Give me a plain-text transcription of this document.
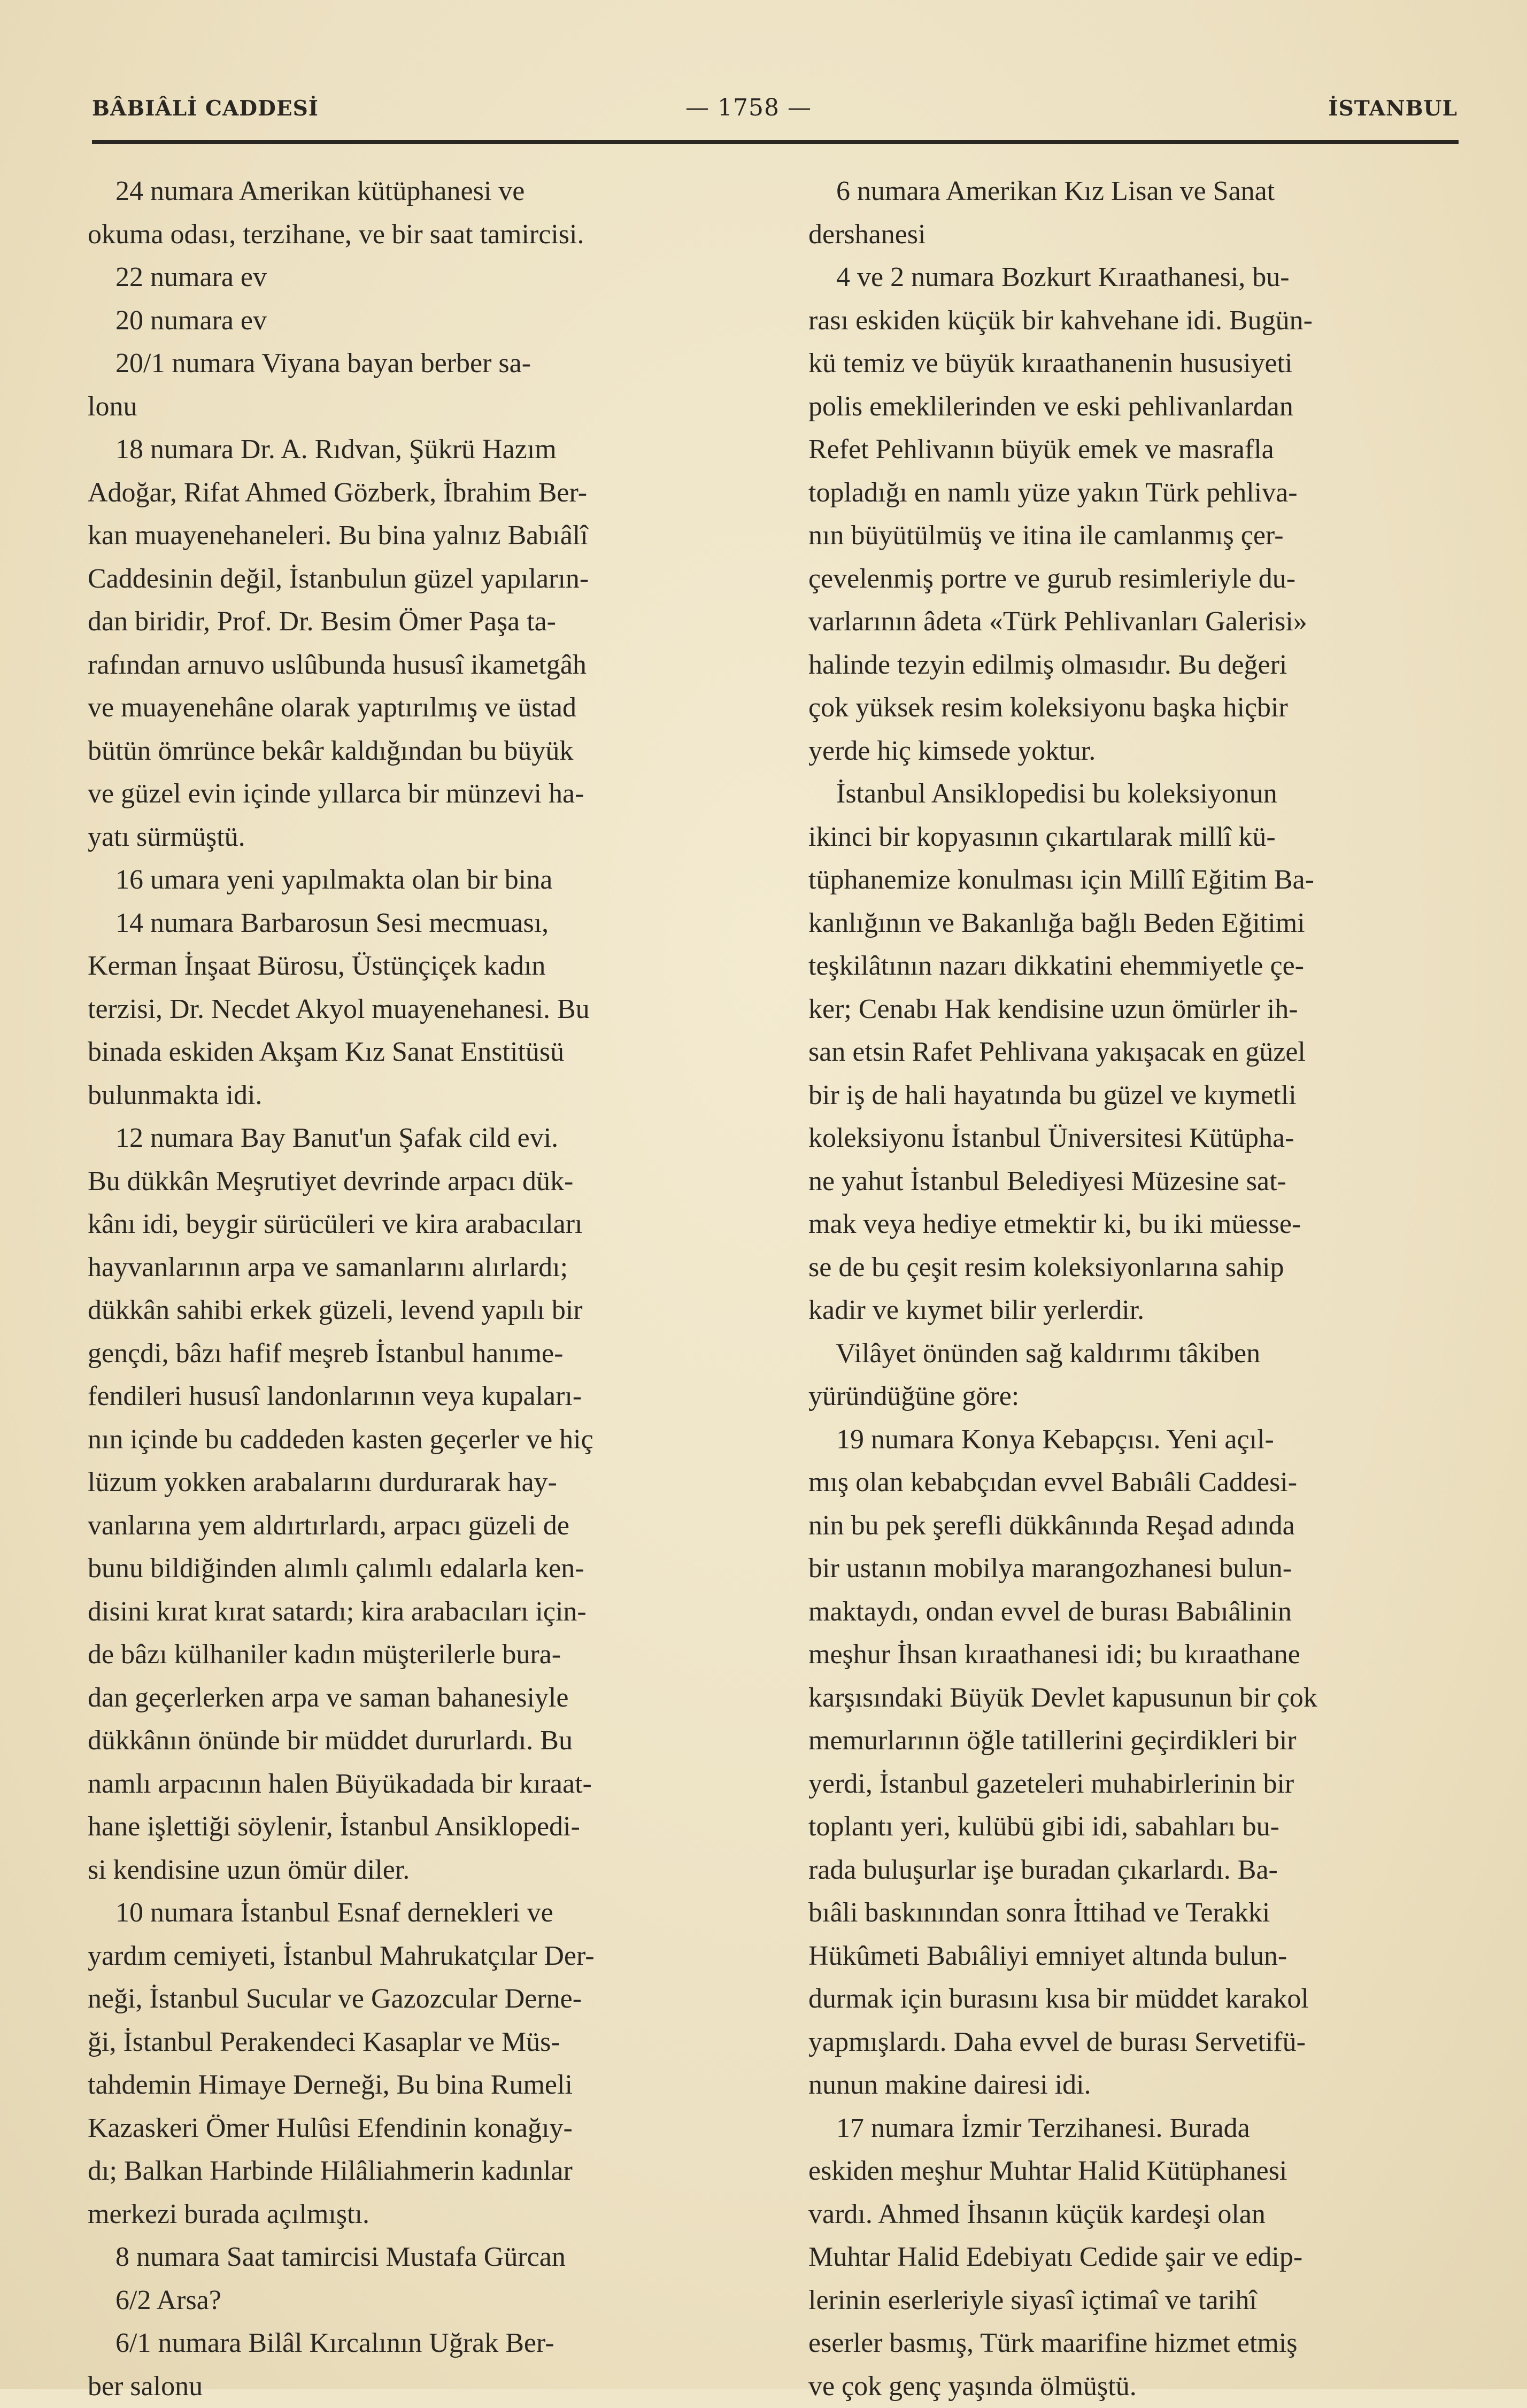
BÂBIÂLİ CADDESİ	— 1758 —	İSTANBUL
24 numara Amerikan kütüphanesi ve
okuma odası, terzihane, ve bir saat tamircisi.
22 numara ev
20 numara ev
20/1 numara Viyana bayan berber sa-
lonu
18 numara Dr. A. Rıdvan, Şükrü Hazım
Adoğar, Rifat Ahmed Gözberk, İbrahim Ber-
kan muayenehaneleri. Bu bina yalnız Babıâlî
Caddesinin değil, İstanbulun güzel yapıların-
dan biridir, Prof. Dr. Besim Ömer Paşa ta-
rafından arnuvo uslûbunda hususî ikametgâh
ve muayenehâne olarak yaptırılmış ve üstad
bütün ömrünce bekâr kaldığından bu büyük
ve güzel evin içinde yıllarca bir münzevi ha-
yatı sürmüştü.
16 umara yeni yapılmakta olan bir bina
14 numara Barbarosun Sesi mecmuası,
Kerman İnşaat Bürosu, Üstünçiçek kadın
terzisi, Dr. Necdet Akyol muayenehanesi. Bu
binada eskiden Akşam Kız Sanat Enstitüsü
bulunmakta idi.
12 numara Bay Banut'un Şafak cild evi.
Bu dükkân Meşrutiyet devrinde arpacı dük-
kânı idi, beygir sürücüleri ve kira arabacıları
hayvanlarının arpa ve samanlarını alırlardı;
dükkân sahibi erkek güzeli, levend yapılı bir
gençdi, bâzı hafif meşreb İstanbul hanıme-
fendileri hususî landonlarının veya kupaları-
nın içinde bu caddeden kasten geçerler ve hiç
lüzum yokken arabalarını durdurarak hay-
vanlarına yem aldırtırlardı, arpacı güzeli de
bunu bildiğinden alımlı çalımlı edalarla ken-
disini kırat kırat satardı; kira arabacıları için-
de bâzı külhaniler kadın müşterilerle bura-
dan geçerlerken arpa ve saman bahanesiyle
dükkânın önünde bir müddet dururlardı. Bu
namlı arpacının halen Büyükadada bir kıraat-
hane işlettiği söylenir, İstanbul Ansiklopedi-
si kendisine uzun ömür diler.
10 numara İstanbul Esnaf dernekleri ve
yardım cemiyeti, İstanbul Mahrukatçılar Der-
neği, İstanbul Sucular ve Gazozcular Derne-
ği, İstanbul Perakendeci Kasaplar ve Müs-
tahdemin Himaye Derneği, Bu bina Rumeli
Kazaskeri Ömer Hulûsi Efendinin konağıy-
dı; Balkan Harbinde Hilâliahmerin kadınlar
merkezi burada açılmıştı.
8 numara Saat tamircisi Mustafa Gürcan
6/2 Arsa?
6/1 numara Bilâl Kırcalının Uğrak Ber-
ber salonu
6 numara Amerikan Kız Lisan ve Sanat
dershanesi
4 ve 2 numara Bozkurt Kıraathanesi, bu-
rası eskiden küçük bir kahvehane idi. Bugün-
kü temiz ve büyük kıraathanenin hususiyeti
polis emeklilerinden ve eski pehlivanlardan
Refet Pehlivanın büyük emek ve masrafla
topladığı en namlı yüze yakın Türk pehliva-
nın büyütülmüş ve itina ile camlanmış çer-
çevelenmiş portre ve gurub resimleriyle du-
varlarının âdeta «Türk Pehlivanları Galerisi»
halinde tezyin edilmiş olmasıdır. Bu değeri
çok yüksek resim koleksiyonu başka hiçbir
yerde hiç kimsede yoktur.
İstanbul Ansiklopedisi bu koleksiyonun
ikinci bir kopyasının çıkartılarak millî kü-
tüphanemize konulması için Millî Eğitim Ba-
kanlığının ve Bakanlığa bağlı Beden Eğitimi
teşkilâtının nazarı dikkatini ehemmiyetle çe-
ker; Cenabı Hak kendisine uzun ömürler ih-
san etsin Rafet Pehlivana yakışacak en güzel
bir iş de hali hayatında bu güzel ve kıymetli
koleksiyonu İstanbul Üniversitesi Kütüpha-
ne yahut İstanbul Belediyesi Müzesine sat-
mak veya hediye etmektir ki, bu iki müesse-
se de bu çeşit resim koleksiyonlarına sahip
kadir ve kıymet bilir yerlerdir.
Vilâyet önünden sağ kaldırımı tâkiben
yüründüğüne göre:
19 numara Konya Kebapçısı. Yeni açıl-
mış olan kebabçıdan evvel Babıâli Caddesi-
nin bu pek şerefli dükkânında Reşad adında
bir ustanın mobilya marangozhanesi bulun-
maktaydı, ondan evvel de burası Babıâlinin
meşhur İhsan kıraathanesi idi; bu kıraathane
karşısındaki Büyük Devlet kapusunun bir çok
memurlarının öğle tatillerini geçirdikleri bir
yerdi, İstanbul gazeteleri muhabirlerinin bir
toplantı yeri, kulübü gibi idi, sabahları bu-
rada buluşurlar işe buradan çıkarlardı. Ba-
bıâli baskınından sonra İttihad ve Terakki
Hükûmeti Babıâliyi emniyet altında bulun-
durmak için burasını kısa bir müddet karakol
yapmışlardı. Daha evvel de burası Servetifü-
nunun makine dairesi idi.
17 numara İzmir Terzihanesi. Burada
eskiden meşhur Muhtar Halid Kütüphanesi
vardı. Ahmed İhsanın küçük kardeşi olan
Muhtar Halid Edebiyatı Cedide şair ve edip-
lerinin eserleriyle siyasî içtimaî ve tarihî
eserler basmış, Türk maarifine hizmet etmiş
ve çok genç yaşında ölmüştü.
